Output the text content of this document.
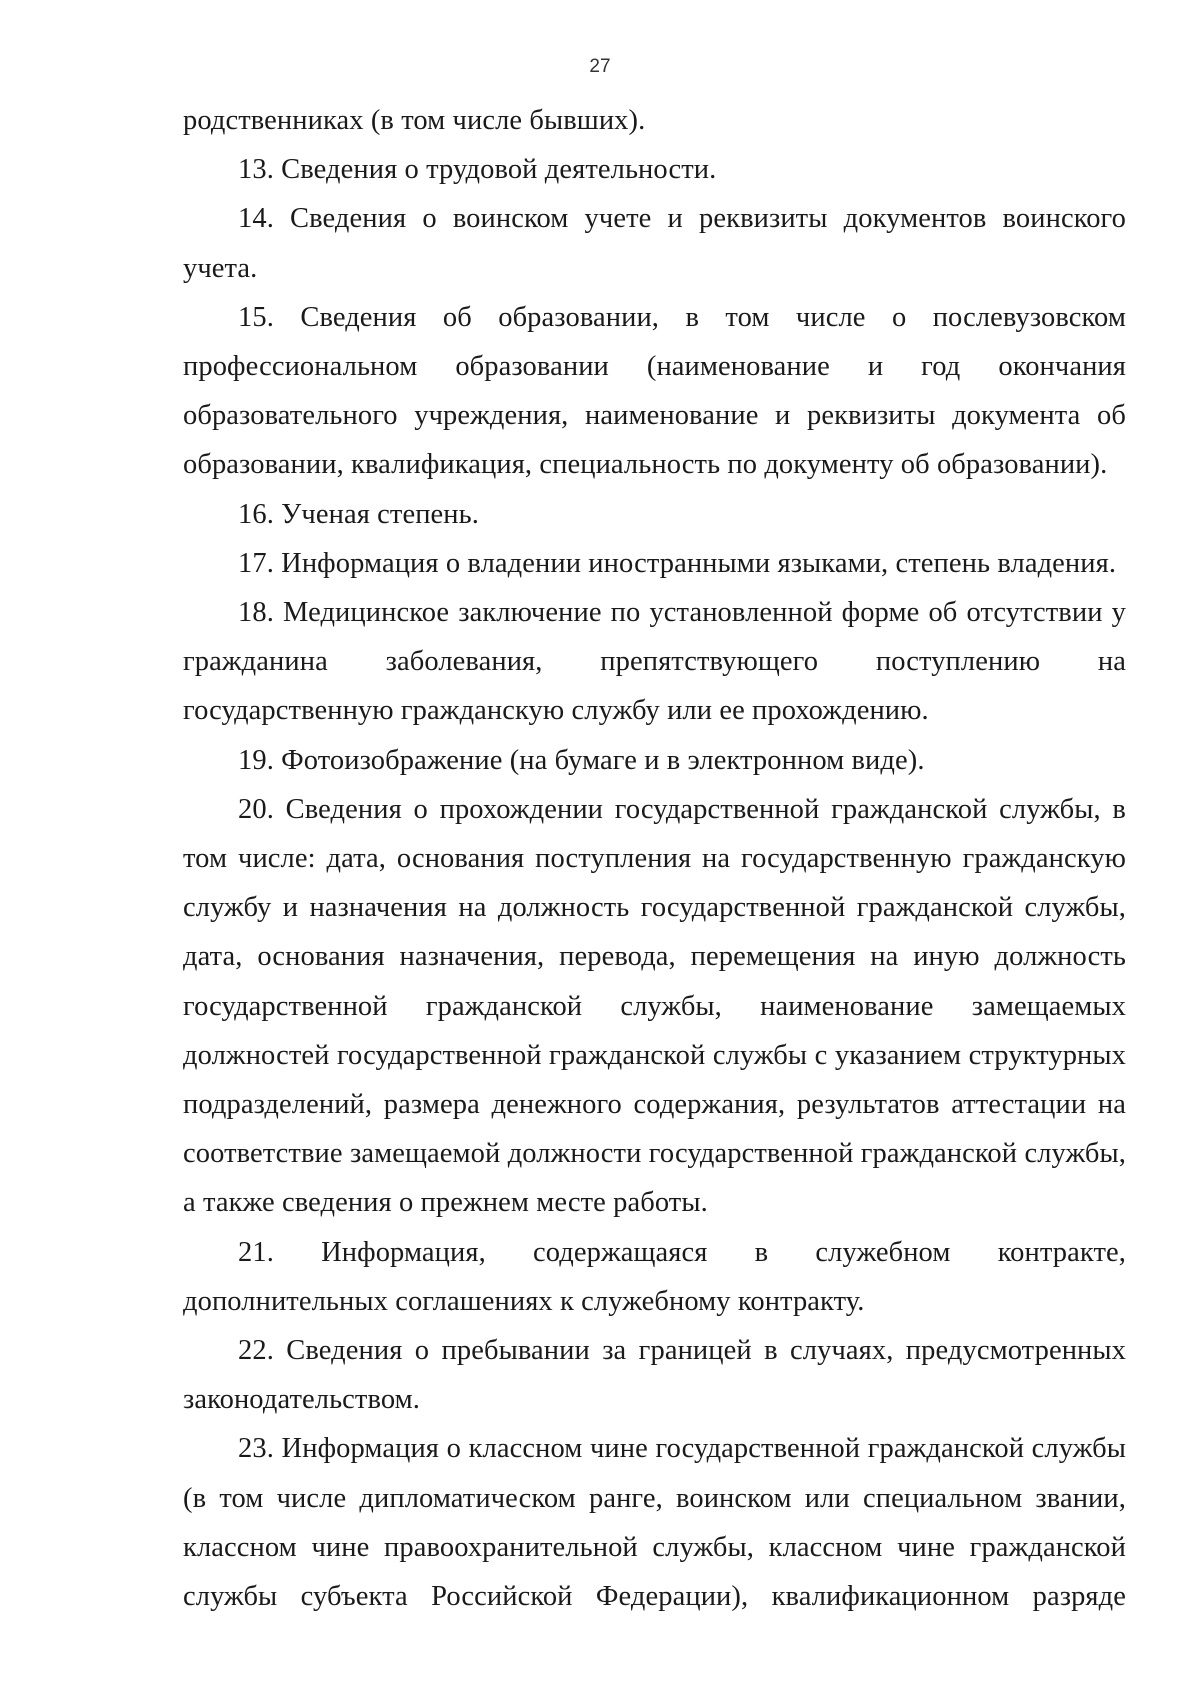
27

родственниках (в том числе бывших).

13. Сведения о трудовой деятельности.

14. Сведения о воинском учете и реквизиты документов воинского учета.

15. Сведения об образовании, в том числе о послевузовском профессиональном образовании (наименование и год окончания образовательного учреждения, наименование и реквизиты документа об образовании, квалификация, специальность по документу об образовании).

16. Ученая степень.

17. Информация о владении иностранными языками, степень владения.

18. Медицинское заключение по установленной форме об отсутствии у гражданина заболевания, препятствующего поступлению на государственную гражданскую службу или ее прохождению.

19. Фотоизображение (на бумаге и в электронном виде).

20. Сведения о прохождении государственной гражданской службы, в том числе: дата, основания поступления на государственную гражданскую службу и назначения на должность государственной гражданской службы, дата, основания назначения, перевода, перемещения на иную должность государственной гражданской службы, наименование замещаемых должностей государственной гражданской службы с указанием структурных подразделений, размера денежного содержания, результатов аттестации на соответствие замещаемой должности государственной гражданской службы, а также сведения о прежнем месте работы.

21. Информация, содержащаяся в служебном контракте, дополнительных соглашениях к служебному контракту.

22. Сведения о пребывании за границей в случаях, предусмотренных законодательством.

23. Информация о классном чине государственной гражданской службы (в том числе дипломатическом ранге, воинском или специальном звании, классном чине правоохранительной службы, классном чине гражданской службы субъекта Российской Федерации), квалификационном разряде
